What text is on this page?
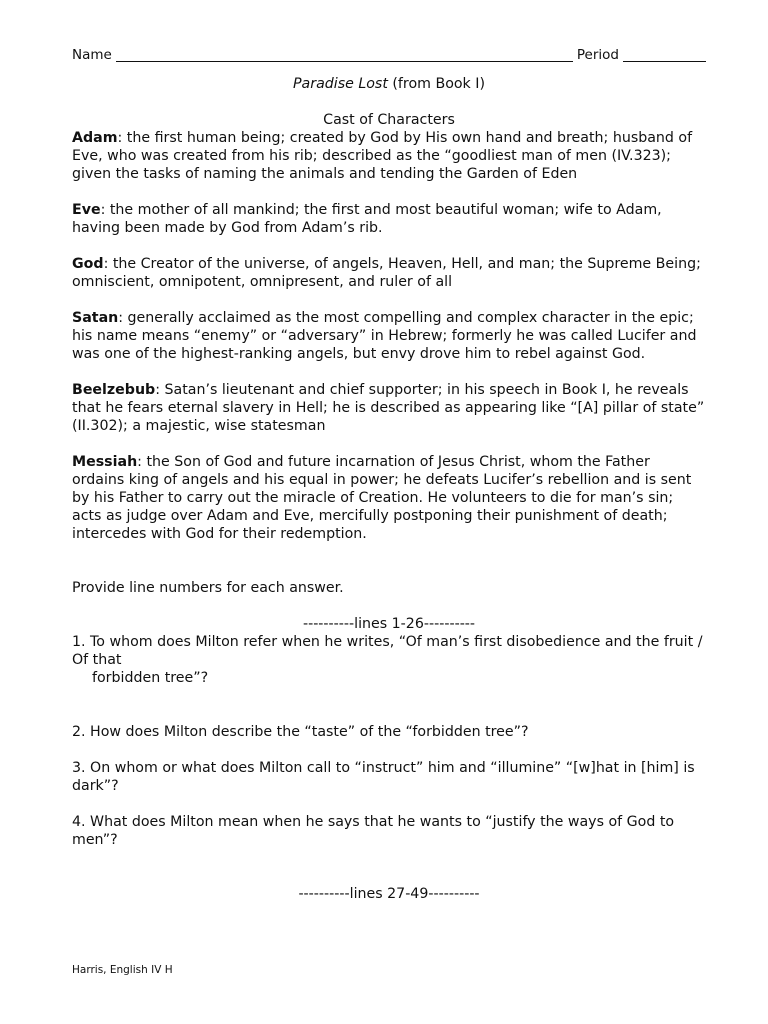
Name	Period
Paradise Lost (from Book I)
Cast of Characters
Adam: the first human being; created by God by His own hand and breath; husband of Eve, who was created from his rib; described as the “goodliest man of men (IV.323); given the tasks of naming the animals and tending the Garden of Eden
Eve: the mother of all mankind; the first and most beautiful woman; wife to Adam, having been made by God from Adam’s rib.
God: the Creator of the universe, of angels, Heaven, Hell, and man; the Supreme Being; omniscient, omnipotent, omnipresent, and ruler of all
Satan: generally acclaimed as the most compelling and complex character in the epic; his name means “enemy” or “adversary” in Hebrew; formerly he was called Lucifer and was one of the highest-ranking angels, but envy drove him to rebel against God.
Beelzebub: Satan’s lieutenant and chief supporter; in his speech in Book I, he reveals that he fears eternal slavery in Hell; he is described as appearing like “[A] pillar of state” (II.302); a majestic, wise statesman
Messiah: the Son of God and future incarnation of Jesus Christ, whom the Father ordains king of angels and his equal in power; he defeats Lucifer’s rebellion and is sent by his Father to carry out the miracle of Creation. He volunteers to die for man’s sin; acts as judge over Adam and Eve, mercifully postponing their punishment of death; intercedes with God for their redemption.
Provide line numbers for each answer.
----------lines 1-26----------
1. To whom does Milton refer when he writes, “Of man’s first disobedience and the fruit / Of that
forbidden tree”?
2. How does Milton describe the “taste” of the “forbidden tree”?
3. On whom or what does Milton call to “instruct” him and “illumine” “[w]hat in [him] is dark”?
4. What does Milton mean when he says that he wants to “justify the ways of God to men”?
----------lines 27-49----------
Harris, English IV H
